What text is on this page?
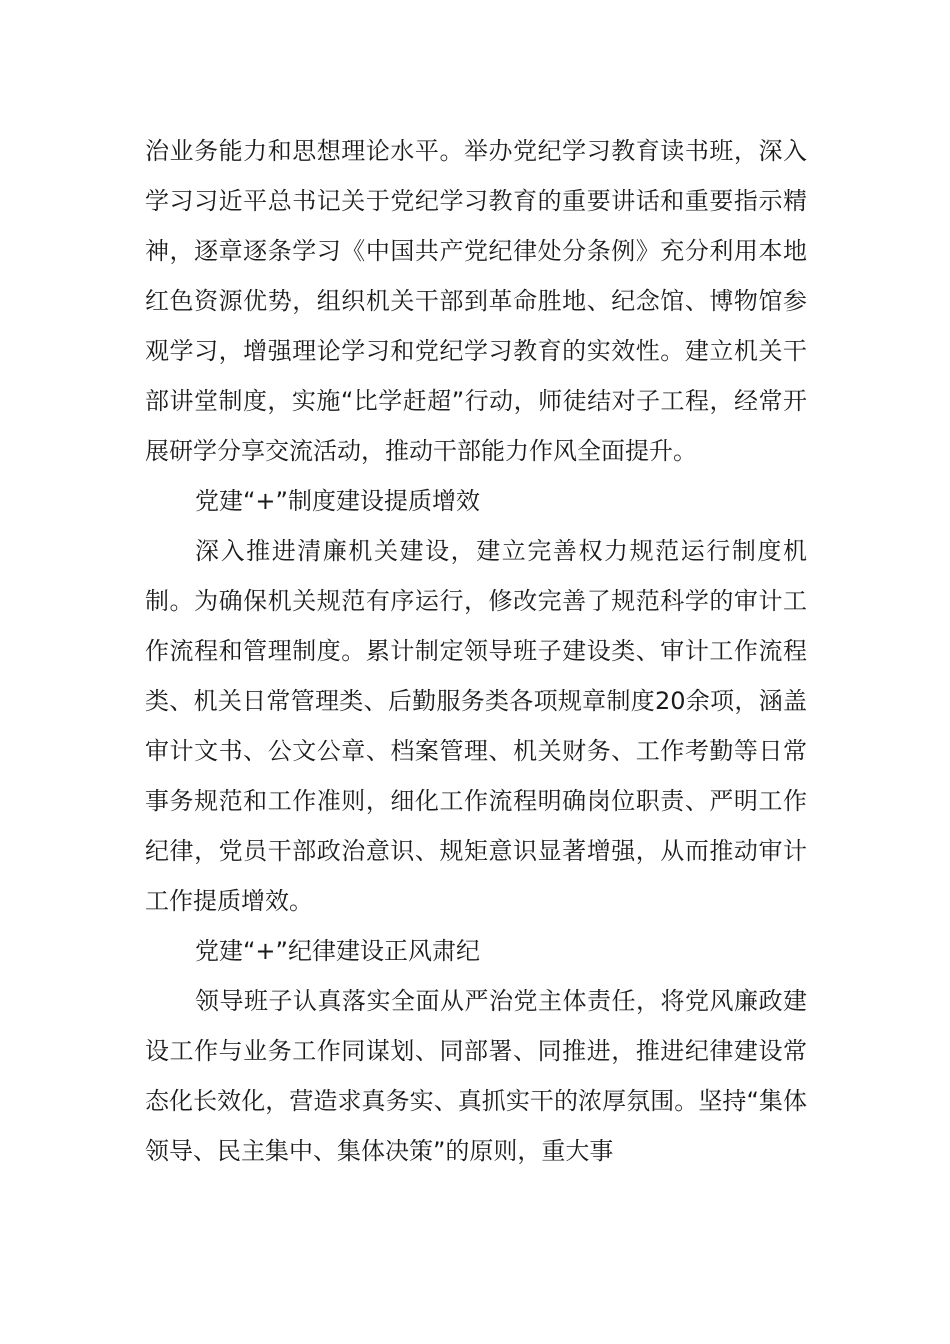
治业务能力和思想理论水平。举办党纪学习教育读书班，深入学习习近平总书记关于党纪学习教育的重要讲话和重要指示精神，逐章逐条学习《中国共产党纪律处分条例》充分利用本地红色资源优势，组织机关干部到革命胜地、纪念馆、博物馆参观学习，增强理论学习和党纪学习教育的实效性。建立机关干部讲堂制度，实施“比学赶超”行动，师徒结对子工程，经常开展研学分享交流活动，推动干部能力作风全面提升。

党建“+”制度建设提质增效

深入推进清廉机关建设，建立完善权力规范运行制度机制。为确保机关规范有序运行，修改完善了规范科学的审计工作流程和管理制度。累计制定领导班子建设类、审计工作流程类、机关日常管理类、后勤服务类各项规章制度20余项，涵盖审计文书、公文公章、档案管理、机关财务、工作考勤等日常事务规范和工作准则，细化工作流程明确岗位职责、严明工作纪律，党员干部政治意识、规矩意识显著增强，从而推动审计工作提质增效。

党建“+”纪律建设正风肃纪

领导班子认真落实全面从严治党主体责任，将党风廉政建设工作与业务工作同谋划、同部署、同推进，推进纪律建设常态化长效化，营造求真务实、真抓实干的浓厚氛围。坚持“集体领导、民主集中、集体决策”的原则，重大事
